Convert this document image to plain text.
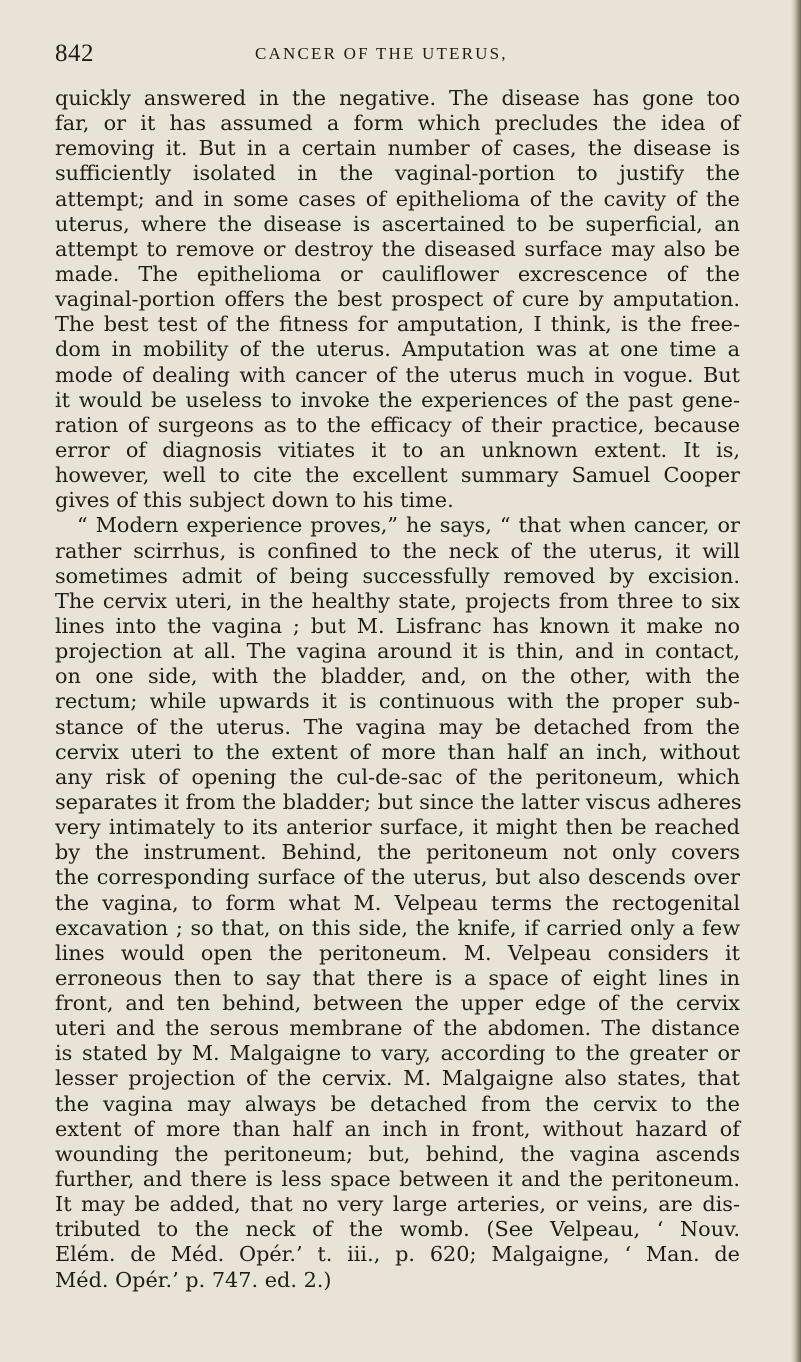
842	CANCER OF THE UTERUS,
quickly answered in the negative. The disease has gone too
far, or it has assumed a form which precludes the idea of
removing it. But in a certain number of cases, the disease is
sufficiently isolated in the vaginal-portion to justify the
attempt; and in some cases of epithelioma of the cavity of the
uterus, where the disease is ascertained to be superficial, an
attempt to remove or destroy the diseased surface may also be
made. The epithelioma or cauliflower excrescence of the
vaginal-portion offers the best prospect of cure by amputation.
The best test of the fitness for amputation, I think, is the free-
dom in mobility of the uterus. Amputation was at one time a
mode of dealing with cancer of the uterus much in vogue. But
it would be useless to invoke the experiences of the past gene-
ration of surgeons as to the efficacy of their practice, because
error of diagnosis vitiates it to an unknown extent. It is,
however, well to cite the excellent summary Samuel Cooper
gives of this subject down to his time.
“ Modern experience proves,” he says, “ that when cancer, or
rather scirrhus, is confined to the neck of the uterus, it will
sometimes admit of being successfully removed by excision.
The cervix uteri, in the healthy state, projects from three to six
lines into the vagina ; but M. Lisfranc has known it make no
projection at all. The vagina around it is thin, and in contact,
on one side, with the bladder, and, on the other, with the
rectum; while upwards it is continuous with the proper sub-
stance of the uterus. The vagina may be detached from the
cervix uteri to the extent of more than half an inch, without
any risk of opening the cul-de-sac of the peritoneum, which
separates it from the bladder; but since the latter viscus adheres
very intimately to its anterior surface, it might then be reached
by the instrument. Behind, the peritoneum not only covers
the corresponding surface of the uterus, but also descends over
the vagina, to form what M. Velpeau terms the rectogenital
excavation ; so that, on this side, the knife, if carried only a few
lines would open the peritoneum. M. Velpeau considers it
erroneous then to say that there is a space of eight lines in
front, and ten behind, between the upper edge of the cervix
uteri and the serous membrane of the abdomen. The distance
is stated by M. Malgaigne to vary, according to the greater or
lesser projection of the cervix. M. Malgaigne also states, that
the vagina may always be detached from the cervix to the
extent of more than half an inch in front, without hazard of
wounding the peritoneum; but, behind, the vagina ascends
further, and there is less space between it and the peritoneum.
It may be added, that no very large arteries, or veins, are dis-
tributed to the neck of the womb. (See Velpeau, ‘ Nouv.
Elém. de Méd. Opér.’ t. iii., p. 620; Malgaigne, ‘ Man. de
Méd. Opér.’ p. 747. ed. 2.)
